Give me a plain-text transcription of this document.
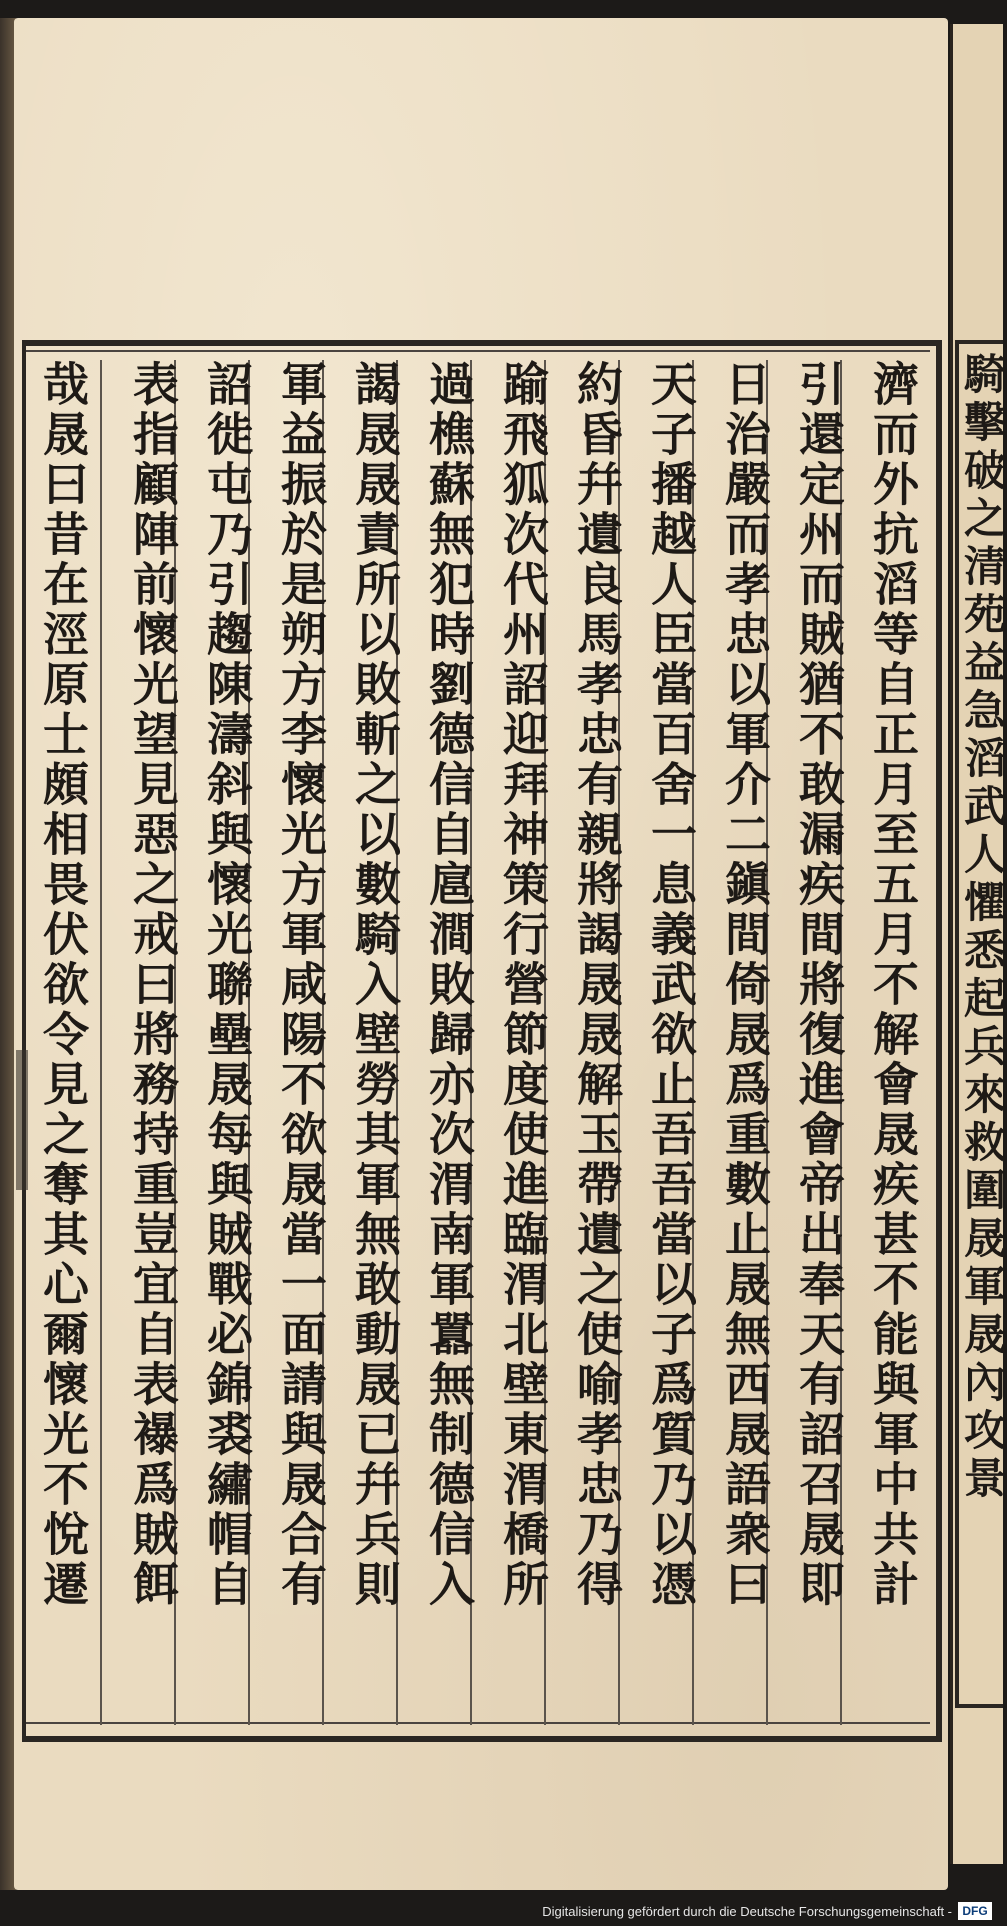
濟而外抗滔等自正月至五月不解會晟疾甚不能與軍中共計
引還定州而賊猶不敢漏疾間將復進會帝出奉天有詔召晟即
日治嚴而孝忠以軍介二鎭間倚晟爲重數止晟無西晟語衆曰
天子播越人臣當百舍一息義武欲止吾吾當以子爲質乃以憑
約昏幷遺良馬孝忠有親將謁晟晟解玉帶遺之使喻孝忠乃得
踰飛狐次代州詔迎拜神策行營節度使進臨渭北壁東渭橋所
過樵蘇無犯時劉德信自扈澗敗歸亦次渭南軍囂無制德信入
謁晟晟責所以敗斬之以數騎入壁勞其軍無敢動晟已幷兵則
軍益振於是朔方李懷光方軍咸陽不欲晟當一面請與晟合有
詔徙屯乃引趨陳濤斜與懷光聯壘晟每與賊戰必錦裘繡帽自
表指顧陣前懷光望見惡之戒曰將務持重豈宜自表襮爲賊餌
哉晟曰昔在涇原士頗相畏伏欲令見之奪其心爾懷光不悅遷	騎擊破之清苑益急滔武人懼悉起兵來救圍晟軍晟內攻景
Digitalisierung gefördert durch die Deutsche Forschungsgemeinschaft - DFG
